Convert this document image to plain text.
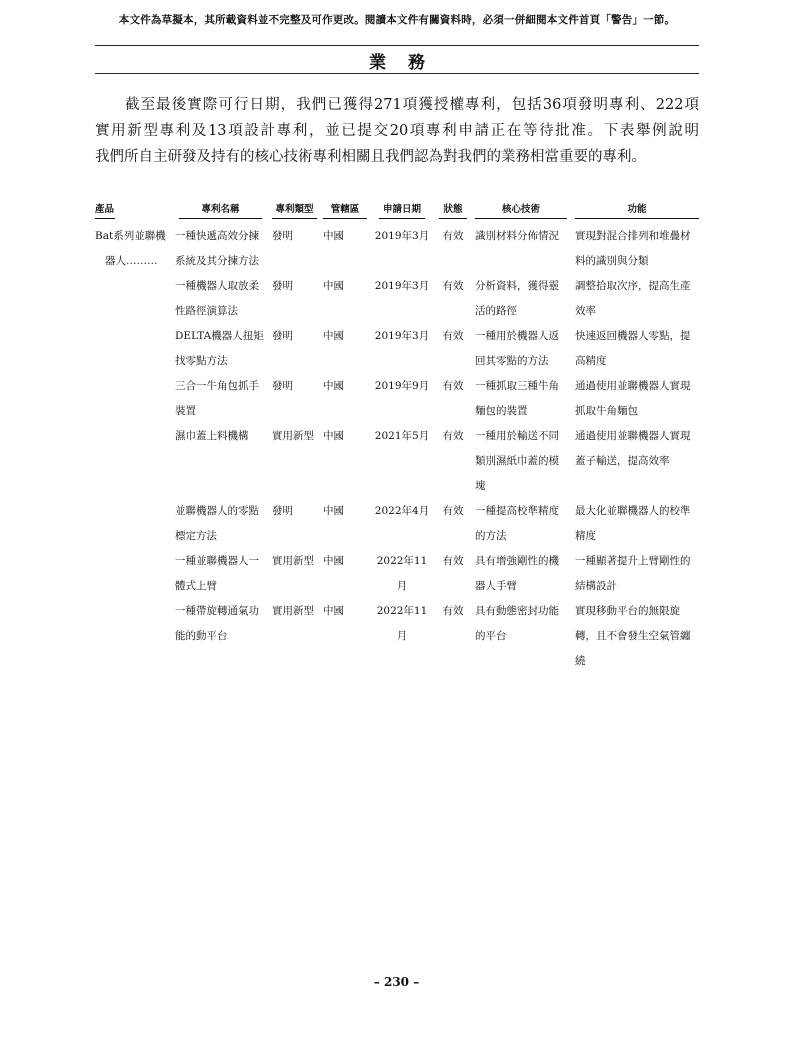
本文件為草擬本，其所載資料並不完整及可作更改。閱讀本文件有關資料時，必須一併細閱本文件首頁「警告」一節。
業務
截至最後實際可行日期，我們已獲得271項獲授權專利，包括36項發明專利、222項
實用新型專利及13項設計專利，並已提交20項專利申請正在等待批准。下表舉例說明
我們所自主研發及持有的核心技術專利相關且我們認為對我們的業務相當重要的專利。
產品	專利名稱	專利類型	管轄區	申請日期	狀態	核心技術	功能

Bat系列並聯機器人………	一種快遞高效分揀系統及其分揀方法	發明	中國	2019年3月	有效	識別材料分佈情況	實現對混合排列和堆疊材料的識別與分類

	一種機器人取放柔性路徑演算法	發明	中國	2019年3月	有效	分析資料，獲得靈活的路徑	調整拾取次序，提高生產效率

	DELTA機器人扭矩找零點方法	發明	中國	2019年3月	有效	一種用於機器人返回其零點的方法	快速返回機器人零點，提高精度

	三合一牛角包抓手裝置	發明	中國	2019年9月	有效	一種抓取三種牛角麵包的裝置	通過使用並聯機器人實現抓取牛角麵包

	濕巾蓋上料機構	實用新型	中國	2021年5月	有效	一種用於輸送不同類別濕紙巾蓋的模塊	通過使用並聯機器人實現蓋子輸送，提高效率

	並聯機器人的零點標定方法	發明	中國	2022年4月	有效	一種提高校準精度的方法	最大化並聯機器人的校準精度

	一種並聯機器人一體式上臂	實用新型	中國	2022年11月	有效	具有增強剛性的機器人手臂	一種顯著提升上臂剛性的結構設計

	一種帶旋轉通氣功能的動平台	實用新型	中國	2022年11月	有效	具有動態密封功能的平台	實現移動平台的無限旋轉，且不會發生空氣管纏繞
– 230 –
